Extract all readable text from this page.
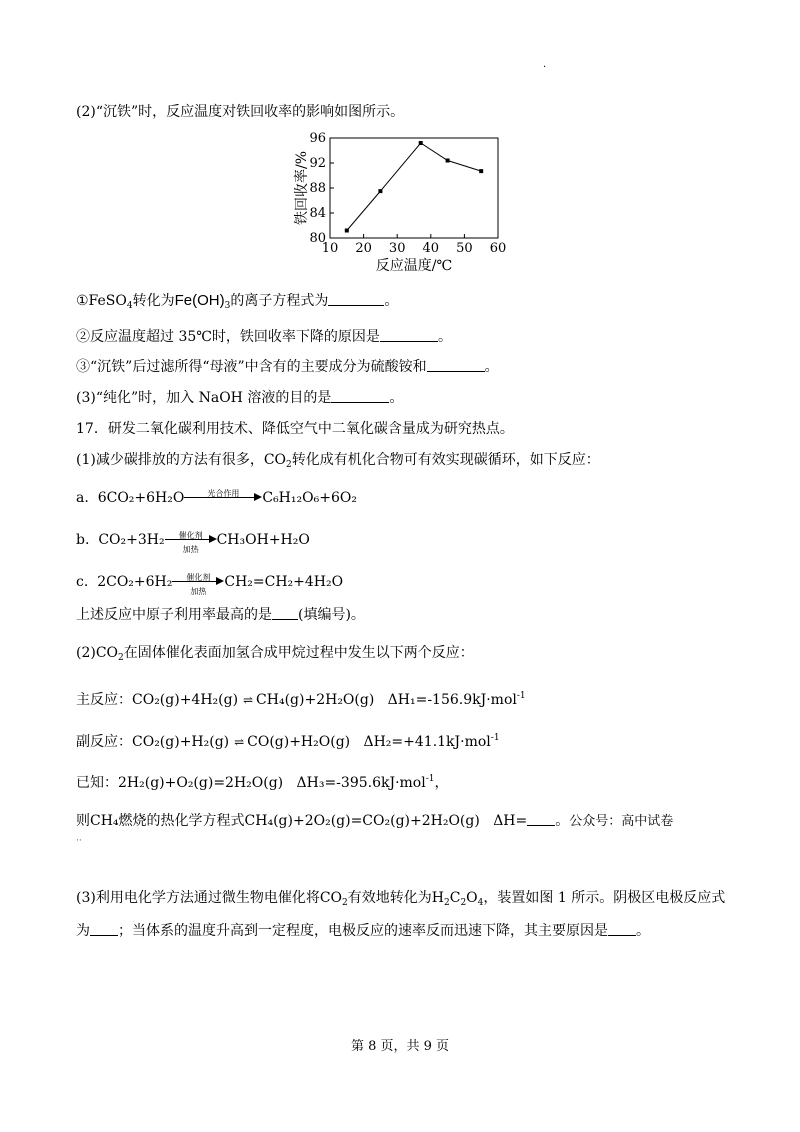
·
(2)“沉铁”时，反应温度对铁回收率的影响如图所示。
10 20 30 40 50 60
80
84
88
92
96
反应温度/℃
铁回收率/%
①FeSO$_4$转化为$Fe(OH)_3$的离子方程式为	。
②反应温度超过 35℃时，铁回收率下降的原因是	。
③“沉铁”后过滤所得“母液”中含有的主要成分为硫酸铵和	。
(3)“纯化”时，加入 NaOH 溶液的目的是	。
17．研发二氧化碳利用技术、降低空气中二氧化碳含量成为研究热点。
(1)减少碳排放的方法有很多，$CO_2$转化成有机化合物可有效实现碳循环，如下反应：
a. 6CO₂+6H₂O	光合作用	C₆H₁₂O₆+6O₂
b. CO₂+3H₂	催化剂
加热
CH₃OH+H₂O
c. 2CO₂+6H₂	催化剂
加热
CH₂=CH₂+4H₂O
上述反应中原子利用率最高的是 (填编号)。
$(2)CO_2$在固体催化表面加氢合成甲烷过程中发生以下两个反应：
主反应：CO₂(g)+4H₂(g) ⇌ CH₄(g)+2H₂O(g) ΔH₁=-156.9kJ·mol$^{-1}$
副反应：CO₂(g)+H₂(g) ⇌ CO(g)+H₂O(g) ΔH₂=+41.1kJ·mol$^{-1}$
已知：2H₂(g)+O₂(g)=2H₂O(g) ΔH₃=-395.6kJ·mol$^{-1}$，
则CH₄燃烧的热化学方程式CH₄(g)+2O₂(g)=CO₂(g)+2H₂O(g) ΔH= 。公众号：高中试卷
··
(3)利用电化学方法通过微生物电催化将$CO_2$有效地转化为$H_2C_2O_4$，装置如图 1 所示。阴极区电极反应式
为 ；当体系的温度升高到一定程度，电极反应的速率反而迅速下降，其主要原因是 。
第 8 页，共 9 页
